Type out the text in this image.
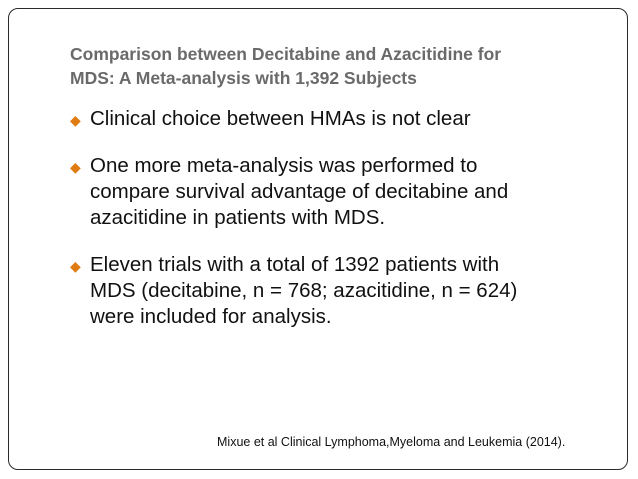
Comparison between Decitabine and Azacitidine for
MDS: A Meta-analysis with 1,392 Subjects
◆ Clinical choice between HMAs is not clear
◆ One more meta-analysis was performed to
compare survival advantage of decitabine and
azacitidine in patients with MDS.
◆ Eleven trials with a total of 1392 patients with
MDS (decitabine, n = 768; azacitidine, n = 624)
were included for analysis.
Mixue et al Clinical Lymphoma,Myeloma and Leukemia (2014).
